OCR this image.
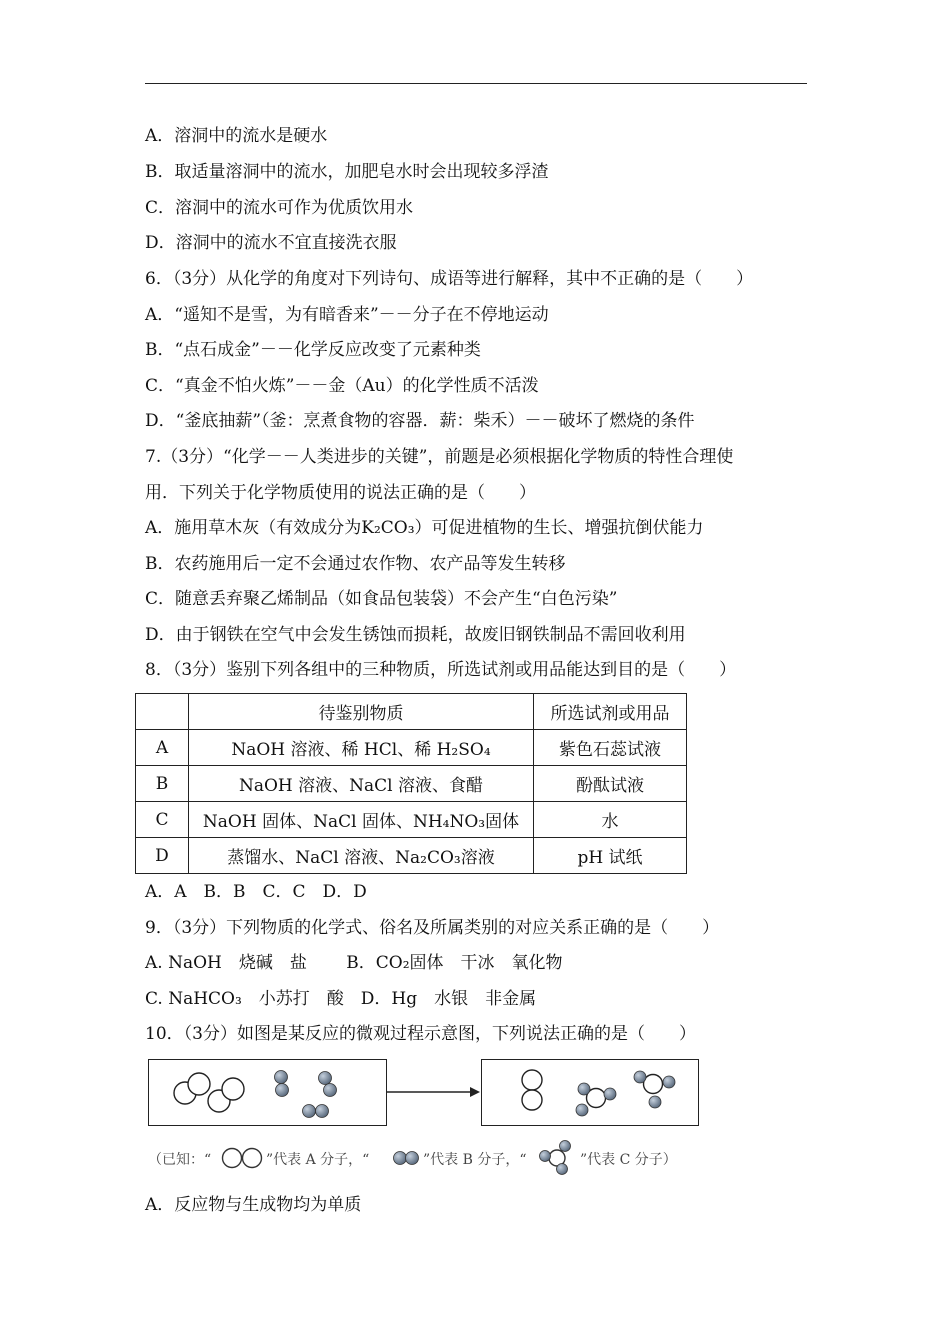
A．溶洞中的流水是硬水
B．取适量溶洞中的流水，加肥皂水时会出现较多浮渣
C．溶洞中的流水可作为优质饮用水
D．溶洞中的流水不宜直接洗衣服
6．（3分）从化学的角度对下列诗句、成语等进行解释，其中不正确的是（　　）
A．“遥知不是雪，为有暗香来”－－分子在不停地运动
B．“点石成金”－－化学反应改变了元素种类
C．“真金不怕火炼”－－金（Au）的化学性质不活泼
D．“釜底抽薪”（釜：烹煮食物的容器．薪：柴禾）－－破坏了燃烧的条件
7.（3分）“化学－－人类进步的关键”，前题是必须根据化学物质的特性合理使
用．下列关于化学物质使用的说法正确的是（　　）
A．施用草木灰（有效成分为K₂CO₃）可促进植物的生长、增强抗倒伏能力
B．农药施用后一定不会通过农作物、农产品等发生转移
C．随意丢弃聚乙烯制品（如食品包装袋）不会产生“白色污染”
D．由于钢铁在空气中会发生锈蚀而损耗，故废旧钢铁制品不需回收利用
8．（3分）鉴别下列各组中的三种物质，所选试剂或用品能达到目的是（　　）
	待鉴别物质	所选试剂或用品
A	NaOH 溶液、稀 HCl、稀 H₂SO₄	紫色石蕊试液
B	NaOH 溶液、NaCl 溶液、食醋	酚酞试液
C	NaOH 固体、NaCl 固体、NH₄NO₃固体	水
D	蒸馏水、NaCl 溶液、Na₂CO₃溶液	pH 试纸
A．A　B．B　C．C　D．D
9．（3分）下列物质的化学式、俗名及所属类别的对应关系正确的是（　　）
A. NaOH　烧碱　盐　　 B．CO₂固体　干冰　氧化物
C. NaHCO₃　小苏打　酸　D．Hg　水银　非金属
10．（3分）如图是某反应的微观过程示意图，下列说法正确的是（　　）
（已知：“	”代表 A 分子，“	”代表 B 分子，“	”代表 C 分子）
A．反应物与生成物均为单质
